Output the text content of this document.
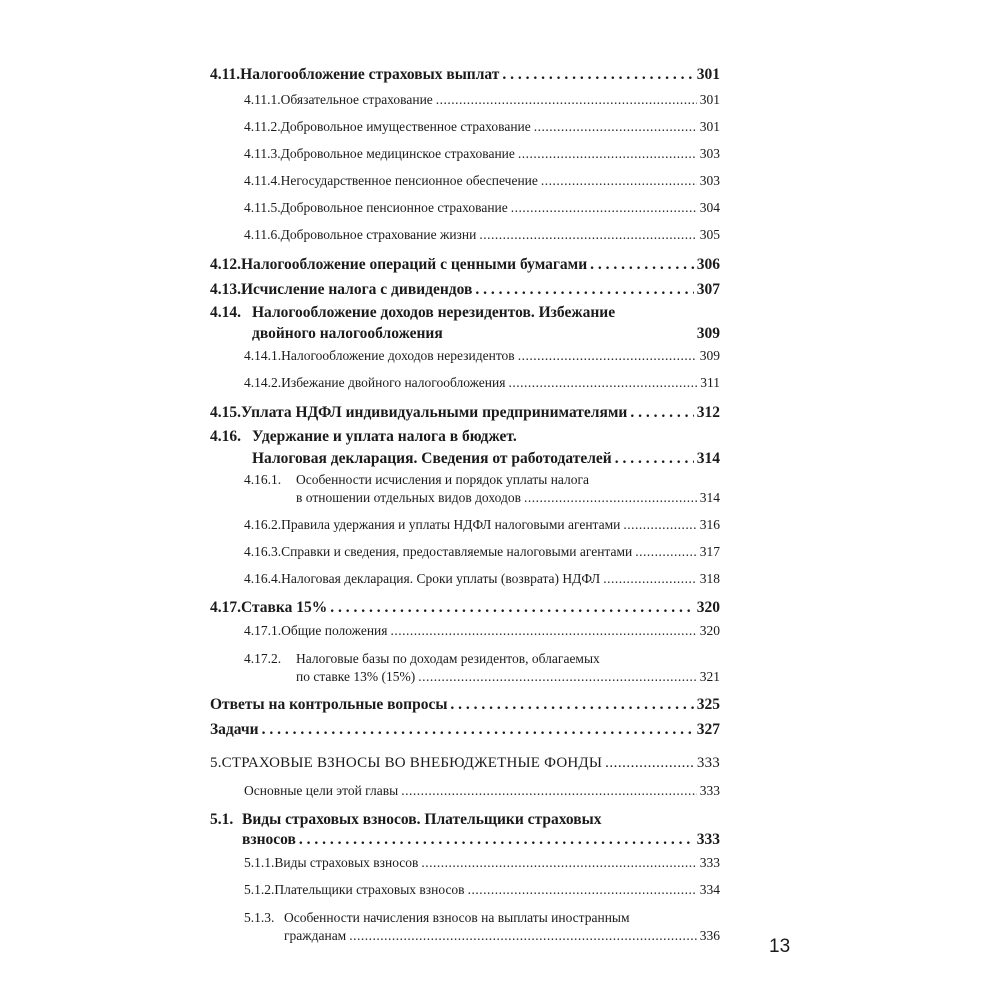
4.11. Налогообложение страховых выплат . . .	301
4.11.1. Обязательное страхование .....	301
4.11.2. Добровольное имущественное страхование .....	301
4.11.3. Добровольное медицинское страхование .....	303
4.11.4. Негосударственное пенсионное обеспечение .....	303
4.11.5. Добровольное пенсионное страхование .....	304
4.11.6. Добровольное страхование жизни .....	305
4.12. Налогообложение операций с ценными бумагами . . .	306
4.13. Исчисление налога с дивидендов . . .	307
4.14. Налогообложение доходов нерезидентов. Избежание
двойного налогообложения	309
4.14.1. Налогообложение доходов нерезидентов .....	309
4.14.2. Избежание двойного налогообложения .....	311
4.15. Уплата НДФЛ индивидуальными предпринимателями . . .	312
4.16. Удержание и уплата налога в бюджет.
Налоговая декларация. Сведения от работодателей . . .	314
4.16.1.	Особенности исчисления и порядок уплаты налога
в отношении отдельных видов доходов .....	314
4.16.2. Правила удержания и уплаты НДФЛ налоговыми агентами .....	316
4.16.3. Справки и сведения, предоставляемые налоговыми агентами .....	317
4.16.4. Налоговая декларация. Сроки уплаты (возврата) НДФЛ .....	318
4.17. Ставка 15% . . .	320
4.17.1. Общие положения .....	320
4.17.2.	Налоговые базы по доходам резидентов, облагаемых
по ставке 13% (15%) .....	321
Ответы на контрольные вопросы . . .	325
Задачи . . .	327
5. СТРАХОВЫЕ ВЗНОСЫ ВО ВНЕБЮДЖЕТНЫЕ ФОНДЫ .....	333
Основные цели этой главы .....	333
5.1. Виды страховых взносов. Плательщики страховых
взносов . . .	333
5.1.1. Виды страховых взносов .....	333
5.1.2. Плательщики страховых взносов .....	334
5.1.3. Особенности начисления взносов на выплаты иностранным
гражданам .....	336
13
